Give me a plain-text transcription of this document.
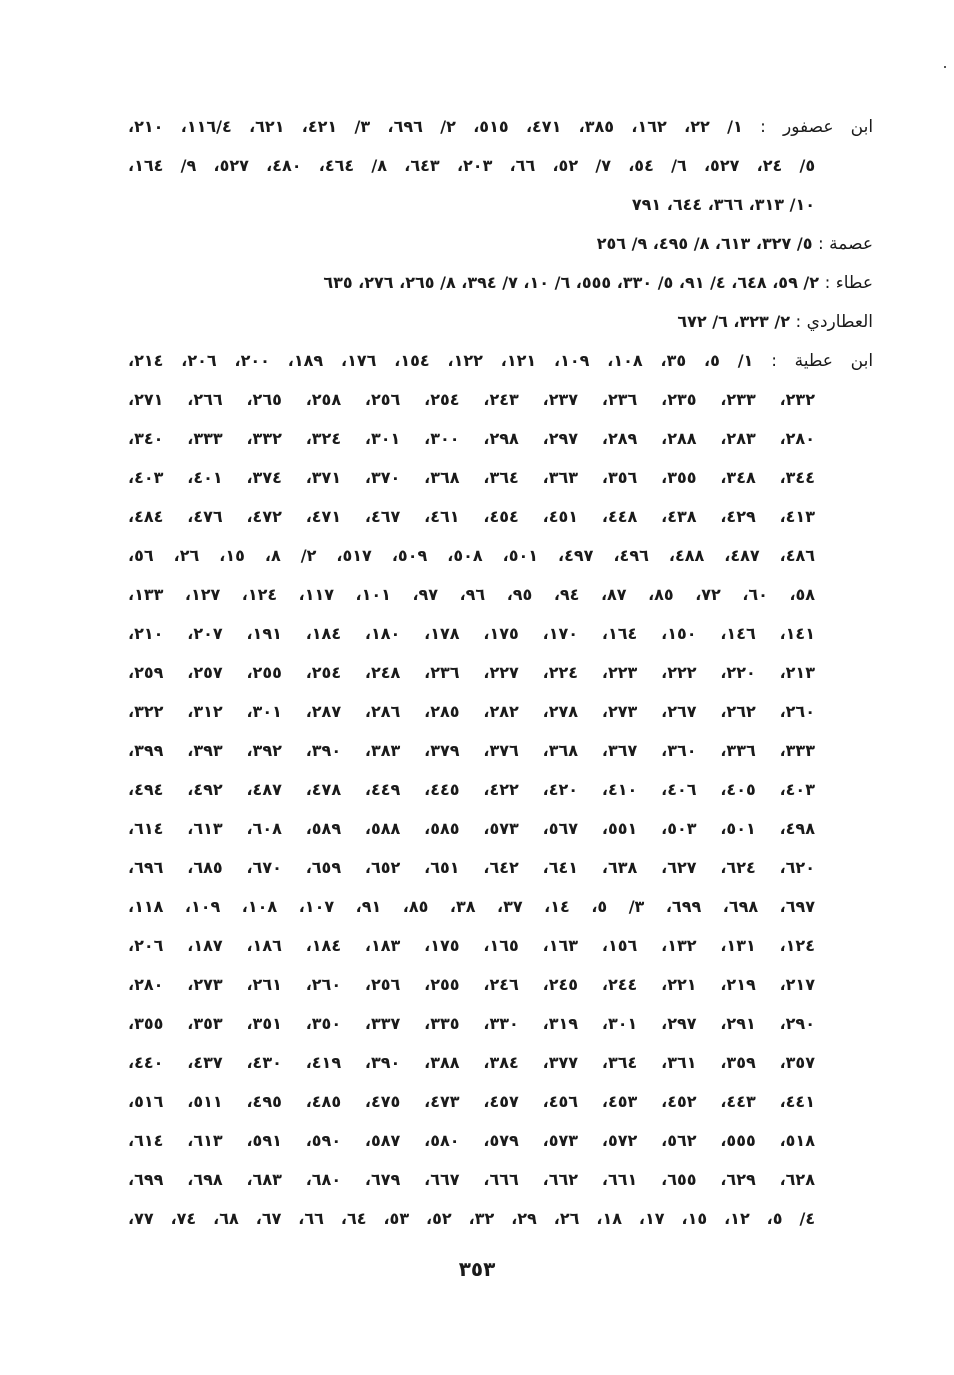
ابن عصفور : ١/ ٢٢، ١٦٢، ٣٨٥، ٤٧١، ٥١٥، ٢/ ٦٩٦، ٣/ ٤٢١، ٦٢١، ١١٦/٤، ٢١٠،
٥/ ٢٤، ٥٢٧، ٦/ ٥٤، ٧/ ٥٢، ٦٦، ٢٠٣، ٦٤٣، ٨/ ٤٦٤، ٤٨٠، ٥٢٧، ٩/ ١٦٤،
١٠/ ٣١٣، ٣٦٦، ٦٤٤، ٧٩١
عصمة : ٥/ ٣٢٧، ٦١٣، ٨/ ٤٩٥، ٩/ ٢٥٦
عطاء : ٢/ ٥٩، ٦٤٨، ٤/ ٩١، ٥/ ٣٣٠، ٥٥٥، ٦/ ١٠، ٧/ ٣٩٤، ٨/ ٢٦٥، ٢٧٦، ٦٣٥
العطاردي : ٢/ ٣٢٣، ٦/ ٦٧٢
ابن عطية : ١/ ٥، ٣٥، ١٠٨، ١٠٩، ١٢١، ١٢٢، ١٥٤، ١٧٦، ١٨٩، ٢٠٠، ٢٠٦، ٢١٤،
٢٣٢، ٢٣٣، ٢٣٥، ٢٣٦، ٢٣٧، ٢٤٣، ٢٥٤، ٢٥٦، ٢٥٨، ٢٦٥، ٢٦٦، ٢٧١،
٢٨٠، ٢٨٣، ٢٨٨، ٢٨٩، ٢٩٧، ٢٩٨، ٣٠٠، ٣٠١، ٣٢٤، ٣٣٢، ٣٣٣، ٣٤٠،
٣٤٤، ٣٤٨، ٣٥٥، ٣٥٦، ٣٦٣، ٣٦٤، ٣٦٨، ٣٧٠، ٣٧١، ٣٧٤، ٤٠١، ٤٠٣،
٤١٣، ٤٢٩، ٤٣٨، ٤٤٨، ٤٥١، ٤٥٤، ٤٦١، ٤٦٧، ٤٧١، ٤٧٢، ٤٧٦، ٤٨٤،
٤٨٦، ٤٨٧، ٤٨٨، ٤٩٦، ٤٩٧، ٥٠١، ٥٠٨، ٥٠٩، ٥١٧، ٢/ ٨، ١٥، ٢٦، ٥٦،
٥٨، ٦٠، ٧٢، ٨٥، ٨٧، ٩٤، ٩٥، ٩٦، ٩٧، ١٠١، ١١٧، ١٢٤، ١٢٧، ١٣٣،
١٤١، ١٤٦، ١٥٠، ١٦٤، ١٧٠، ١٧٥، ١٧٨، ١٨٠، ١٨٤، ١٩١، ٢٠٧، ٢١٠،
٢١٣، ٢٢٠، ٢٢٢، ٢٢٣، ٢٢٤، ٢٢٧، ٢٣٦، ٢٤٨، ٢٥٤، ٢٥٥، ٢٥٧، ٢٥٩،
٢٦٠، ٢٦٢، ٢٦٧، ٢٧٣، ٢٧٨، ٢٨٢، ٢٨٥، ٢٨٦، ٢٨٧، ٣٠١، ٣١٢، ٣٢٢،
٣٣٣، ٣٣٦، ٣٦٠، ٣٦٧، ٣٦٨، ٣٧٦، ٣٧٩، ٣٨٣، ٣٩٠، ٣٩٢، ٣٩٣، ٣٩٩،
٤٠٣، ٤٠٥، ٤٠٦، ٤١٠، ٤٢٠، ٤٢٢، ٤٤٥، ٤٤٩، ٤٧٨، ٤٨٧، ٤٩٢، ٤٩٤،
٤٩٨، ٥٠١، ٥٠٣، ٥٥١، ٥٦٧، ٥٧٣، ٥٨٥، ٥٨٨، ٥٨٩، ٦٠٨، ٦١٣، ٦١٤،
٦٢٠، ٦٢٤، ٦٢٧، ٦٣٨، ٦٤١، ٦٤٢، ٦٥١، ٦٥٢، ٦٥٩، ٦٧٠، ٦٨٥، ٦٩٦،
٦٩٧، ٦٩٨، ٦٩٩، ٣/ ٥، ١٤، ٣٧، ٣٨، ٨٥، ٩١، ١٠٧، ١٠٨، ١٠٩، ١١٨،
١٢٤، ١٣١، ١٣٢، ١٥٦، ١٦٣، ١٦٥، ١٧٥، ١٨٣، ١٨٤، ١٨٦، ١٨٧، ٢٠٦،
٢١٧، ٢١٩، ٢٢١، ٢٤٤، ٢٤٥، ٢٤٦، ٢٥٥، ٢٥٦، ٢٦٠، ٢٦١، ٢٧٣، ٢٨٠،
٢٩٠، ٢٩١، ٢٩٧، ٣٠١، ٣١٩، ٣٣٠، ٣٣٥، ٣٣٧، ٣٥٠، ٣٥١، ٣٥٣، ٣٥٥،
٣٥٧، ٣٥٩، ٣٦١، ٣٦٤، ٣٧٧، ٣٨٤، ٣٨٨، ٣٩٠، ٤١٩، ٤٣٠، ٤٣٧، ٤٤٠،
٤٤١، ٤٤٣، ٤٥٢، ٤٥٣، ٤٥٦، ٤٥٧، ٤٧٣، ٤٧٥، ٤٨٥، ٤٩٥، ٥١١، ٥١٦،
٥١٨، ٥٥٥، ٥٦٢، ٥٧٢، ٥٧٣، ٥٧٩، ٥٨٠، ٥٨٧، ٥٩٠، ٥٩١، ٦١٣، ٦١٤،
٦٢٨، ٦٢٩، ٦٥٥، ٦٦١، ٦٦٢، ٦٦٦، ٦٦٧، ٦٧٩، ٦٨٠، ٦٨٣، ٦٩٨، ٦٩٩،
٤/ ٥، ١٢، ١٥، ١٧، ١٨، ٢٦، ٢٩، ٣٢، ٥٢، ٥٣، ٦٤، ٦٦، ٦٧، ٦٨، ٧٤، ٧٧،
٣٥٣
